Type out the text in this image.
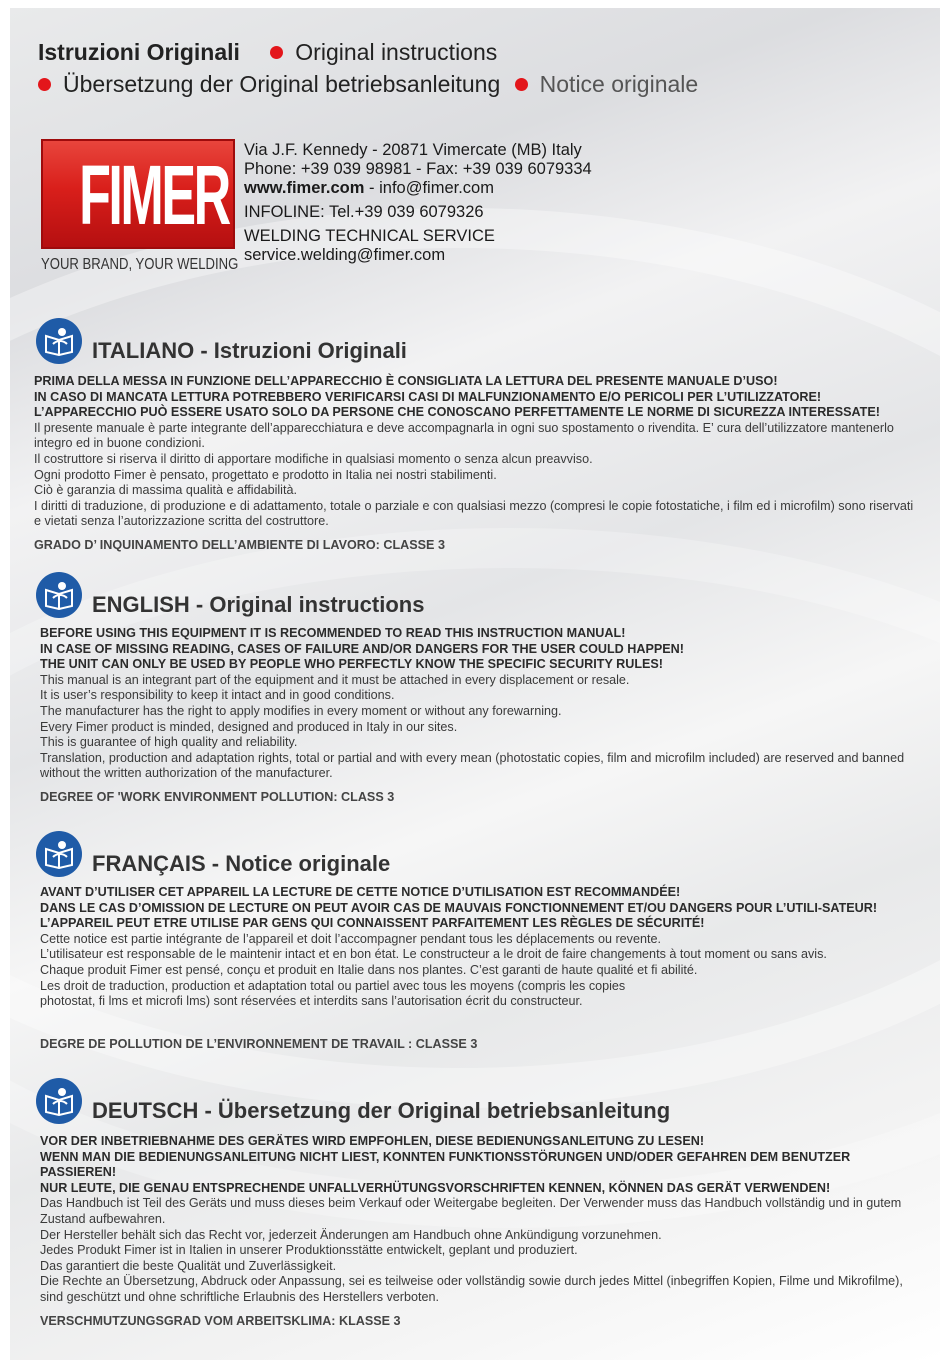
Istruzioni Originali Original instructions
Übersetzung der Original betriebsanleitung Notice originale
FIMER
YOUR BRAND, YOUR WELDING
Via J.F. Kennedy - 20871 Vimercate (MB) Italy
Phone: +39 039 98981 - Fax: +39 039 6079334
www.fimer.com - info@fimer.com
INFOLINE: Tel.+39 039 6079326
WELDING TECHNICAL SERVICE
service.welding@fimer.com
ITALIANO - Istruzioni Originali
PRIMA DELLA MESSA IN FUNZIONE DELL’APPARECCHIO È CONSIGLIATA LA LETTURA DEL PRESENTE MANUALE D’USO!
IN CASO DI MANCATA LETTURA POTREBBERO VERIFICARSI CASI DI MALFUNZIONAMENTO E/O PERICOLI PER L’UTILIZZATORE!
L’APPARECCHIO PUÒ ESSERE USATO SOLO DA PERSONE CHE CONOSCANO PERFETTAMENTE LE NORME DI SICUREZZA INTERESSATE!
Il presente manuale è parte integrante dell’apparecchiatura e deve accompagnarla in ogni suo spostamento o rivendita. E’ cura dell’utilizzatore mantenerlo integro ed in buone condizioni.
Il costruttore si riserva il diritto di apportare modifiche in qualsiasi momento o senza alcun preavviso.
Ogni prodotto Fimer è pensato, progettato e prodotto in Italia nei nostri stabilimenti.
Ciò è garanzia di massima qualità e affidabilità.
I diritti di traduzione, di produzione e di adattamento, totale o parziale e con qualsiasi mezzo (compresi le copie fotostatiche, i film ed i microfilm) sono riservati e vietati senza l’autorizzazione scritta del costruttore.
GRADO D’ INQUINAMENTO DELL’AMBIENTE DI LAVORO: CLASSE 3
ENGLISH - Original instructions
BEFORE USING THIS EQUIPMENT IT IS RECOMMENDED TO READ THIS INSTRUCTION MANUAL!
IN CASE OF MISSING READING, CASES OF FAILURE AND/OR DANGERS FOR THE USER COULD HAPPEN!
THE UNIT CAN ONLY BE USED BY PEOPLE WHO PERFECTLY KNOW THE SPECIFIC SECURITY RULES!
This manual is an integrant part of the equipment and it must be attached in every displacement or resale.
It is user’s responsibility to keep it intact and in good conditions.
The manufacturer has the right to apply modifies in every moment or without any forewarning.
Every Fimer product is minded, designed and produced in Italy in our sites.
This is guarantee of high quality and reliability.
Translation, production and adaptation rights, total or partial and with every mean (photostatic copies, film and microfilm included) are reserved and banned without the written authorization of the manufacturer.
DEGREE OF 'WORK ENVIRONMENT POLLUTION: CLASS 3
FRANÇAIS - Notice originale
AVANT D’UTILISER CET APPAREIL LA LECTURE DE CETTE NOTICE D’UTILISATION EST RECOMMANDÉE!
DANS LE CAS D’OMISSION DE LECTURE ON PEUT AVOIR CAS DE MAUVAIS FONCTIONNEMENT ET/OU DANGERS POUR L’UTILI-SATEUR!
L’APPAREIL PEUT ETRE UTILISE PAR GENS QUI CONNAISSENT PARFAITEMENT LES RÈGLES DE SÉCURITÉ!
Cette notice est partie intégrante de l’appareil et doit l’accompagner pendant tous les déplacements ou revente.
L’utilisateur est responsable de le maintenir intact et en bon état. Le constructeur a le droit de faire changements à tout moment ou sans avis.
Chaque produit Fimer est pensé, conçu et produit en Italie dans nos plantes. C’est garanti de haute qualité et fi abilité.
Les droit de traduction, production et adaptation total ou partiel avec tous les moyens (compris les copies
photostat, fi lms et microfi lms) sont réservées et interdits sans l’autorisation écrit du constructeur.
DEGRE DE POLLUTION DE L’ENVIRONNEMENT DE TRAVAIL : CLASSE 3
DEUTSCH - Übersetzung der Original betriebsanleitung
VOR DER INBETRIEBNAHME DES GERÄTES WIRD EMPFOHLEN, DIESE BEDIENUNGSANLEITUNG ZU LESEN!
WENN MAN DIE BEDIENUNGSANLEITUNG NICHT LIEST, KONNTEN FUNKTIONSSTÖRUNGEN UND/ODER GEFAHREN DEM BENUTZER PASSIEREN!
NUR LEUTE, DIE GENAU ENTSPRECHENDE UNFALLVERHÜTUNGSVORSCHRIFTEN KENNEN, KÖNNEN DAS GERÄT VERWENDEN!
Das Handbuch ist Teil des Geräts und muss dieses beim Verkauf oder Weitergabe begleiten. Der Verwender muss das Handbuch vollständig und in gutem Zustand aufbewahren.
Der Hersteller behält sich das Recht vor, jederzeit Änderungen am Handbuch ohne Ankündigung vorzunehmen.
Jedes Produkt Fimer ist in Italien in unserer Produktionsstätte entwickelt, geplant und produziert.
Das garantiert die beste Qualität und Zuverlässigkeit.
Die Rechte an Übersetzung, Abdruck oder Anpassung, sei es teilweise oder vollständig sowie durch jedes Mittel (inbegriffen Kopien, Filme und Mikrofilme), sind geschützt und ohne schriftliche Erlaubnis des Herstellers verboten.
VERSCHMUTZUNGSGRAD VOM ARBEITSKLIMA: KLASSE 3
